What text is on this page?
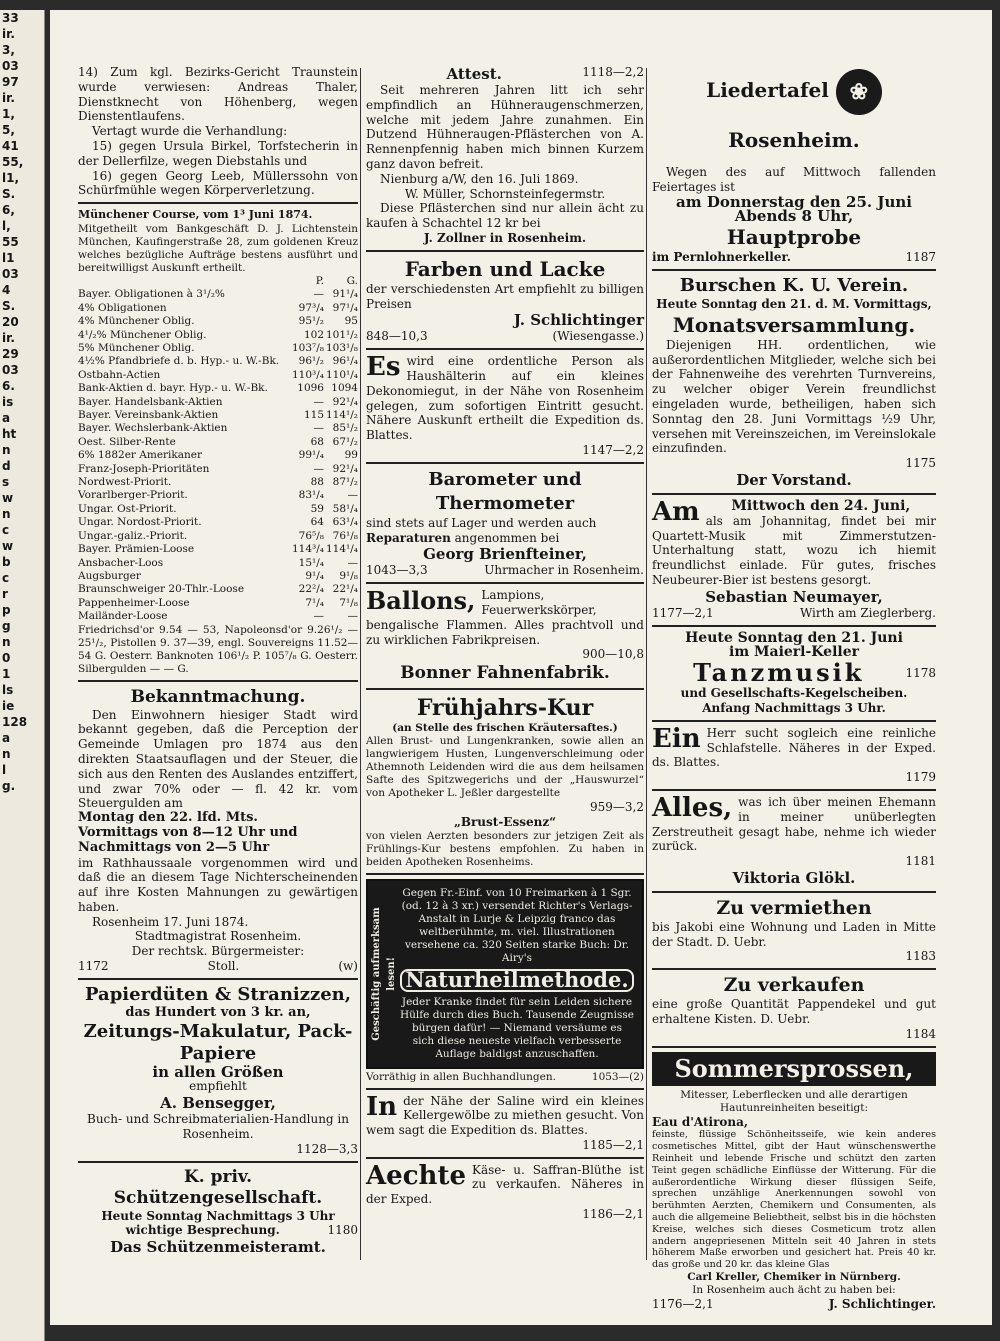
33
ir.
3,
03
97
ir.
1,
5,
41
55,
l1,
S.
6,
l,
55
l1
03
4
S.
20
ir.
29
03
6.
is
a
ht
n
d
s
w
n
c
w
b
c
r
p
g
n
0
1
ls
ie
128
a
n
l
g.

14) Zum kgl. Bezirks-Gericht Traunstein wurde verwiesen: Andreas Thaler, Dienstknecht von Höhenberg, wegen Dienstentlaufens.

Vertagt wurde die Verhandlung:

15) gegen Ursula Birkel, Torfstecherin in der Dellerfilze, wegen Diebstahls und

16) gegen Georg Leeb, Müllerssohn von Schürfmühle wegen Körperverletzung.

Münchener Course, vom 1³ Juni 1874.

Mitgetheilt vom Bankgeschäft D. J. Lichtenstein München, Kaufingerstraße 28, zum goldenen Kreuz welches bezügliche Aufträge bestens ausführt und bereitwilligst Auskunft ertheilt.

	P.	G.
Bayer. Obligationen à 3¹/₂%	—	91¹/₄
4% Obligationen	97³/₄	97¹/₄
4% Münchener Oblig.	95¹/₂	95
4¹/₂% Münchener Oblig.	102	101¹/₂
5% Münchener Oblig.	103⁷/₈	103¹/₈
4½% Pfandbriefe d. b. Hyp.- u. W.-Bk.	96¹/₂	96¹/₄
Ostbahn-Actien	110³/₄	110¹/₄
Bank-Aktien d. bayr. Hyp.- u. W.-Bk.	1096	1094
Bayer. Handelsbank-Aktien	—	92¹/₄
Bayer. Vereinsbank-Aktien	115	114¹/₂
Bayer. Wechslerbank-Aktien	—	85¹/₂
Oest. Silber-Rente	68	67¹/₂
6% 1882er Amerikaner	99¹/₄	99
Franz-Joseph-Prioritäten	—	92¹/₄
Nordwest-Priorit.	88	87¹/₂
Vorarlberger-Priorit.	83¹/₄	—
Ungar. Ost-Priorit.	59	58¹/₄
Ungar. Nordost-Priorit.	64	63¹/₄
Ungar.-galiz.-Priorit.	76⁵/₈	76¹/₈
Bayer. Prämien-Loose	114³/₄	114¹/₄
Ansbacher-Loos	15¹/₄	—
Augsburger	9¹/₄	9¹/₈
Braunschweiger 20-Thlr.-Loose	22²/₄	22¹/₄
Pappenheimer-Loose	7¹/₄	7¹/₈
Mailänder-Loose	—	—

Friedrichsd'or 9.54 — 53, Napoleonsd'or 9.26¹/₂ — 25¹/₂, Pistollen 9. 37—39, engl. Souvereigns 11.52—54 G. Oesterr. Banknoten 106¹/₂ P. 105⁷/₈ G. Oesterr. Silbergulden — — G.

Bekanntmachung.

Den Einwohnern hiesiger Stadt wird bekannt gegeben, daß die Perception der Gemeinde Umlagen pro 1874 aus den direkten Staatsauflagen und der Steuer, die sich aus den Renten des Auslandes entziffert, und zwar 70% oder — fl. 42 kr. vom Steuergulden am

Montag den 22. lfd. Mts.

Vormittags von 8—12 Uhr und

Nachmittags von 2—5 Uhr

im Rathhaussaale vorgenommen wird und daß die an diesem Tage Nichterscheinenden auf ihre Kosten Mahnungen zu gewärtigen haben.

Rosenheim 17. Juni 1874.

Stadtmagistrat Rosenheim.

Der rechtsk. Bürgermeister:

1172	Stoll.	(w)

Papierdüten & Stranizzen,

das Hundert von 3 kr. an,

Zeitungs-Makulatur, Pack-Papiere

in allen Größen

empfiehlt

A. Bensegger,

Buch- und Schreibmaterialien-Handlung in Rosenheim.

1128—3,3

K. priv. Schützengesellschaft.

Heute Sonntag Nachmittags 3 Uhr

wichtige Besprechung.	1180

Das Schützenmeisteramt.

Attest.	1118—2,2

Seit mehreren Jahren litt ich sehr empfindlich an Hühneraugenschmerzen, welche mit jedem Jahre zunahmen. Ein Dutzend Hühneraugen-Pflästerchen von A. Rennenpfennig haben mich binnen Kurzem ganz davon befreit.

Nienburg a/W, den 16. Juli 1869.

W. Müller, Schornsteinfegermstr.

Diese Pflästerchen sind nur allein ächt zu kaufen à Schachtel 12 kr bei

J. Zollner in Rosenheim.

Farben und Lacke

der verschiedensten Art empfiehlt zu billigen Preisen

J. Schlichtinger

848—10,3	(Wiesengasse.)
Es wird eine ordentliche Person als Haushälterin auf ein kleines Dekonomiegut, in der Nähe von Rosenheim gelegen, zum sofortigen Eintritt gesucht. Nähere Auskunft ertheilt die Expedition ds. Blattes.

1147—2,2

Barometer und Thermometer

sind stets auf Lager und werden auch

Reparaturen angenommen bei

Georg Brienfteiner,

1043—3,3	Uhrmacher in Rosenheim.
Ballons, Lampions, Feuerwerkskörper, bengalische Flammen. Alles prachtvoll und zu wirklichen Fabrikpreisen.

900—10,8

Bonner Fahnenfabrik.

Frühjahrs-Kur

(an Stelle des frischen Kräutersaftes.)

Allen Brust- und Lungenkranken, sowie allen an langwierigem Husten, Lungenverschleimung oder Athemnoth Leidenden wird die aus dem heilsamen Safte des Spitzwegerichs und der „Hauswurzel“ von Apotheker L. Jeßler dargestellte

959—3,2

„Brust-Essenz“

von vielen Aerzten besonders zur jetzigen Zeit als Frühlings-Kur bestens empfohlen. Zu haben in beiden Apotheken Rosenheims.

Geschäftig aufmerksam lesen!

Gegen Fr.-Einf. von 10 Freimarken à 1 Sgr. (od. 12 à 3 xr.) versendet Richter's Verlags-Anstalt in Lurje & Leipzig franco das weltberühmte, m. viel. Illustrationen versehene ca. 320 Seiten starke Buch: Dr. Airy's

Naturheilmethode.

Jeder Kranke findet für sein Leiden sichere Hülfe durch dies Buch. Tausende Zeugnisse bürgen dafür! — Niemand versäume es sich diese neueste vielfach verbesserte Auflage baldigst anzuschaffen.

Vorräthig in allen Buchhandlungen.	1053—(2)
In der Nähe der Saline wird ein kleines Kellergewölbe zu miethen gesucht. Von wem sagt die Expedition ds. Blattes.

1185—2,1

Aechte Käse- u. Saffran-Blüthe ist zu verkaufen. Näheres in der Exped.

1186—2,1

Liedertafel ❀ Rosenheim.

Wegen des auf Mittwoch fallenden Feiertages ist

am Donnerstag den 25. Juni

Abends 8 Uhr,

Hauptprobe

im Pernlohnerkeller.	1187

Burschen K. U. Verein.

Heute Sonntag den 21. d. M. Vormittags,

Monatsversammlung.

Diejenigen HH. ordentlichen, wie außerordentlichen Mitglieder, welche sich bei der Fahnenweihe des verehrten Turnvereins, zu welcher obiger Verein freundlichst eingeladen wurde, betheiligen, haben sich Sonntag den 28. Juni Vormittags ½9 Uhr, versehen mit Vereinszeichen, im Vereinslokale einzufinden.

1175

Der Vorstand.

Am	Mittwoch den 24. Juni,

als am Johannitag, findet bei mir Quartett-Musik mit Zimmerstutzen-Unterhaltung statt, wozu ich hiemit freundlichst einlade. Für gutes, frisches Neubeurer-Bier ist bestens gesorgt.

Sebastian Neumayer,

1177—2,1	Wirth am Zieglerberg.

Heute Sonntag den 21. Juni

im Maierl-Keller

Tanzmusik	1178

und Gesellschafts-Kegelscheiben.

Anfang Nachmittags 3 Uhr.

Ein Herr sucht sogleich eine reinliche Schlafstelle. Näheres in der Exped. ds. Blattes.

1179

Alles, was ich über meinen Ehemann in meiner unüberlegten Zerstreutheit gesagt habe, nehme ich wieder zurück.

1181

Viktoria Glökl.

Zu vermiethen

bis Jakobi eine Wohnung und Laden in Mitte der Stadt. D. Uebr.

1183

Zu verkaufen

eine große Quantität Pappendekel und gut erhaltene Kisten. D. Uebr.

1184

Sommersprossen,

Mitesser, Leberflecken und alle derartigen Hautunreinheiten beseitigt:

Eau d'Atirona,

feinste, flüssige Schönheitsseife, wie kein anderes cosmetisches Mittel, gibt der Haut wünschenswerthe Reinheit und lebende Frische und schützt den zarten Teint gegen schädliche Einflüsse der Witterung. Für die außerordentliche Wirkung dieser flüssigen Seife, sprechen unzählige Anerkennungen sowohl von berühmten Aerzten, Chemikern und Consumenten, als auch die allgemeine Beliebtheit, selbst bis in die höchsten Kreise, welches sich dieses Cosmeticum trotz allen andern angepriesenen Mitteln seit 40 Jahren in stets höherem Maße erworben und gesichert hat. Preis 40 kr. das große und 20 kr. das kleine Glas

Carl Kreller, Chemiker in Nürnberg.

In Rosenheim auch ächt zu haben bei:

1176—2,1	J. Schlichtinger.
